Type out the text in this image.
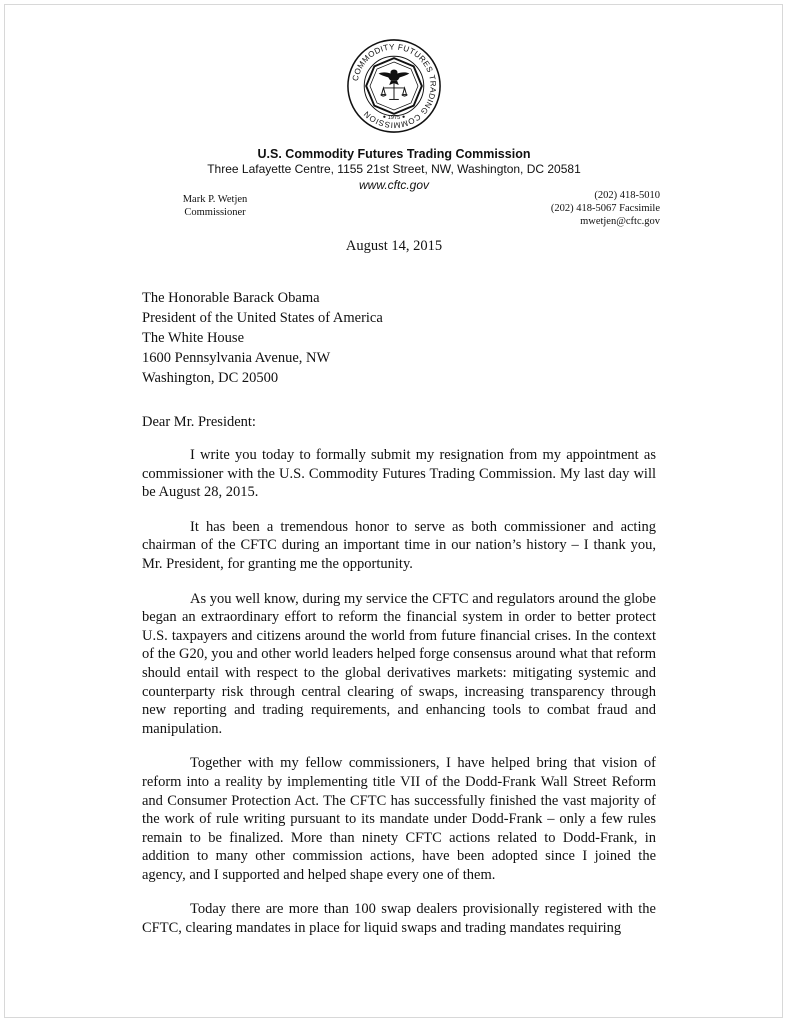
COMMODITY FUTURES TRADING COMMISSION	1975
U.S. Commodity Futures Trading Commission
Three Lafayette Centre, 1155 21st Street, NW, Washington, DC 20581
www.cftc.gov
Mark P. Wetjen
Commissioner
(202) 418-5010
(202) 418-5067 Facsimile
mwetjen@cftc.gov
August 14, 2015
The Honorable Barack Obama
President of the United States of America
The White House
1600 Pennsylvania Avenue, NW
Washington, DC 20500
Dear Mr. President:

I write you today to formally submit my resignation from my appointment as commissioner with the U.S. Commodity Futures Trading Commission. My last day will be August 28, 2015.

It has been a tremendous honor to serve as both commissioner and acting chairman of the CFTC during an important time in our nation’s history – I thank you, Mr. President, for granting me the opportunity.

As you well know, during my service the CFTC and regulators around the globe began an extraordinary effort to reform the financial system in order to better protect U.S. taxpayers and citizens around the world from future financial crises. In the context of the G20, you and other world leaders helped forge consensus around what that reform should entail with respect to the global derivatives markets: mitigating systemic and counterparty risk through central clearing of swaps, increasing transparency through new reporting and trading requirements, and enhancing tools to combat fraud and manipulation.

Together with my fellow commissioners, I have helped bring that vision of reform into a reality by implementing title VII of the Dodd-Frank Wall Street Reform and Consumer Protection Act. The CFTC has successfully finished the vast majority of the work of rule writing pursuant to its mandate under Dodd-Frank – only a few rules remain to be finalized. More than ninety CFTC actions related to Dodd-Frank, in addition to many other commission actions, have been adopted since I joined the agency, and I supported and helped shape every one of them.

Today there are more than 100 swap dealers provisionally registered with the CFTC, clearing mandates in place for liquid swaps and trading mandates requiring
